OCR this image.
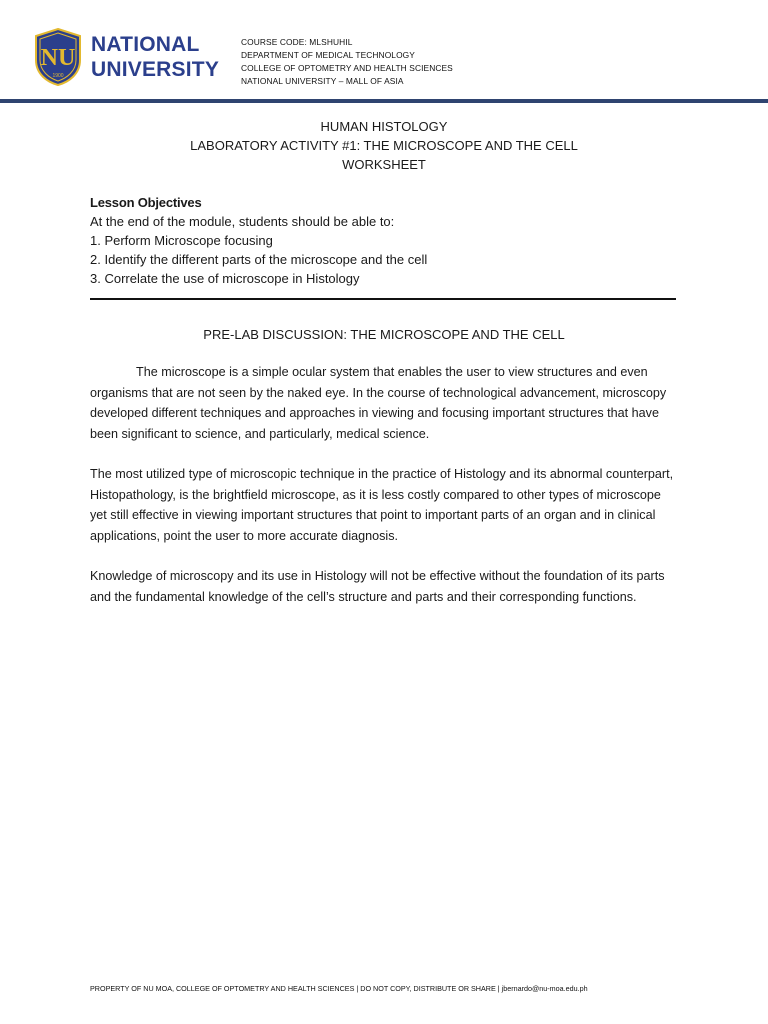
NU
1900
NATIONAL
UNIVERSITY
COURSE CODE: MLSHUHIL
DEPARTMENT OF MEDICAL TECHNOLOGY
COLLEGE OF OPTOMETRY AND HEALTH SCIENCES
NATIONAL UNIVERSITY – MALL OF ASIA
HUMAN HISTOLOGY
LABORATORY ACTIVITY #1: THE MICROSCOPE AND THE CELL
WORKSHEET
Lesson Objectives
At the end of the module, students should be able to:
1. Perform Microscope focusing
2. Identify the different parts of the microscope and the cell
3. Correlate the use of microscope in Histology
PRE-LAB DISCUSSION: THE MICROSCOPE AND THE CELL
The microscope is a simple ocular system that enables the user to view structures and even organisms that are not seen by the naked eye. In the course of technological advancement, microscopy developed different techniques and approaches in viewing and focusing important structures that have been significant to science, and particularly, medical science.
The most utilized type of microscopic technique in the practice of Histology and its abnormal counterpart, Histopathology, is the brightfield microscope, as it is less costly compared to other types of microscope yet still effective in viewing important structures that point to important parts of an organ and in clinical applications, point the user to more accurate diagnosis.
Knowledge of microscopy and its use in Histology will not be effective without the foundation of its parts and the fundamental knowledge of the cell’s structure and parts and their corresponding functions.
PROPERTY OF NU MOA, COLLEGE OF OPTOMETRY AND HEALTH SCIENCES | DO NOT COPY, DISTRIBUTE OR SHARE | jbernardo@nu-moa.edu.ph
